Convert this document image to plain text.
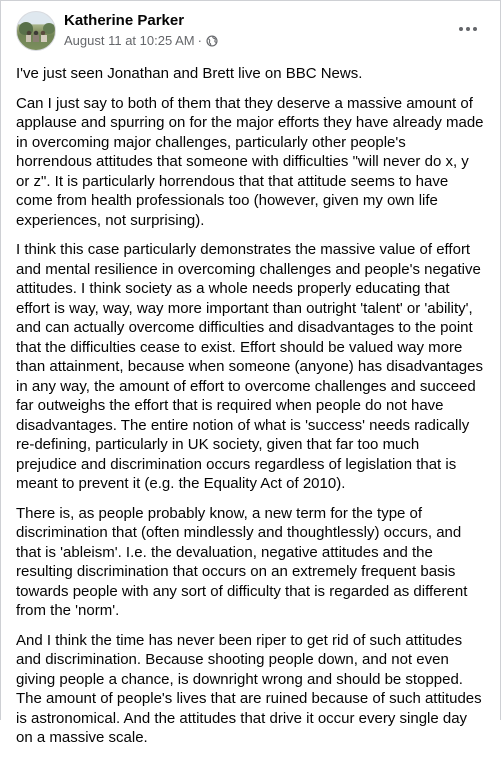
Katherine Parker
August 11 at 10:25 AM ·

I've just seen Jonathan and Brett live on BBC News.

Can I just say to both of them that they deserve a massive amount of
applause and spurring on for the major efforts they have already made
in overcoming major challenges, particularly other people's
horrendous attitudes that someone with difficulties "will never do x, y
or z". It is particularly horrendous that that attitude seems to have
come from health professionals too (however, given my own life
experiences, not surprising).

I think this case particularly demonstrates the massive value of effort
and mental resilience in overcoming challenges and people's negative
attitudes. I think society as a whole needs properly educating that
effort is way, way, way more important than outright 'talent' or 'ability',
and can actually overcome difficulties and disadvantages to the point
that the difficulties cease to exist. Effort should be valued way more
than attainment, because when someone (anyone) has disadvantages
in any way, the amount of effort to overcome challenges and succeed
far outweighs the effort that is required when people do not have
disadvantages. The entire notion of what is 'success' needs radically
re-defining, particularly in UK society, given that far too much
prejudice and discrimination occurs regardless of legislation that is
meant to prevent it (e.g. the Equality Act of 2010).

There is, as people probably know, a new term for the type of
discrimination that (often mindlessly and thoughtlessly) occurs, and
that is 'ableism'. I.e. the devaluation, negative attitudes and the
resulting discrimination that occurs on an extremely frequent basis
towards people with any sort of difficulty that is regarded as different
from the 'norm'.

And I think the time has never been riper to get rid of such attitudes
and discrimination. Because shooting people down, and not even
giving people a chance, is downright wrong and should be stopped.
The amount of people's lives that are ruined because of such attitudes
is astronomical. And the attitudes that drive it occur every single day
on a massive scale.
